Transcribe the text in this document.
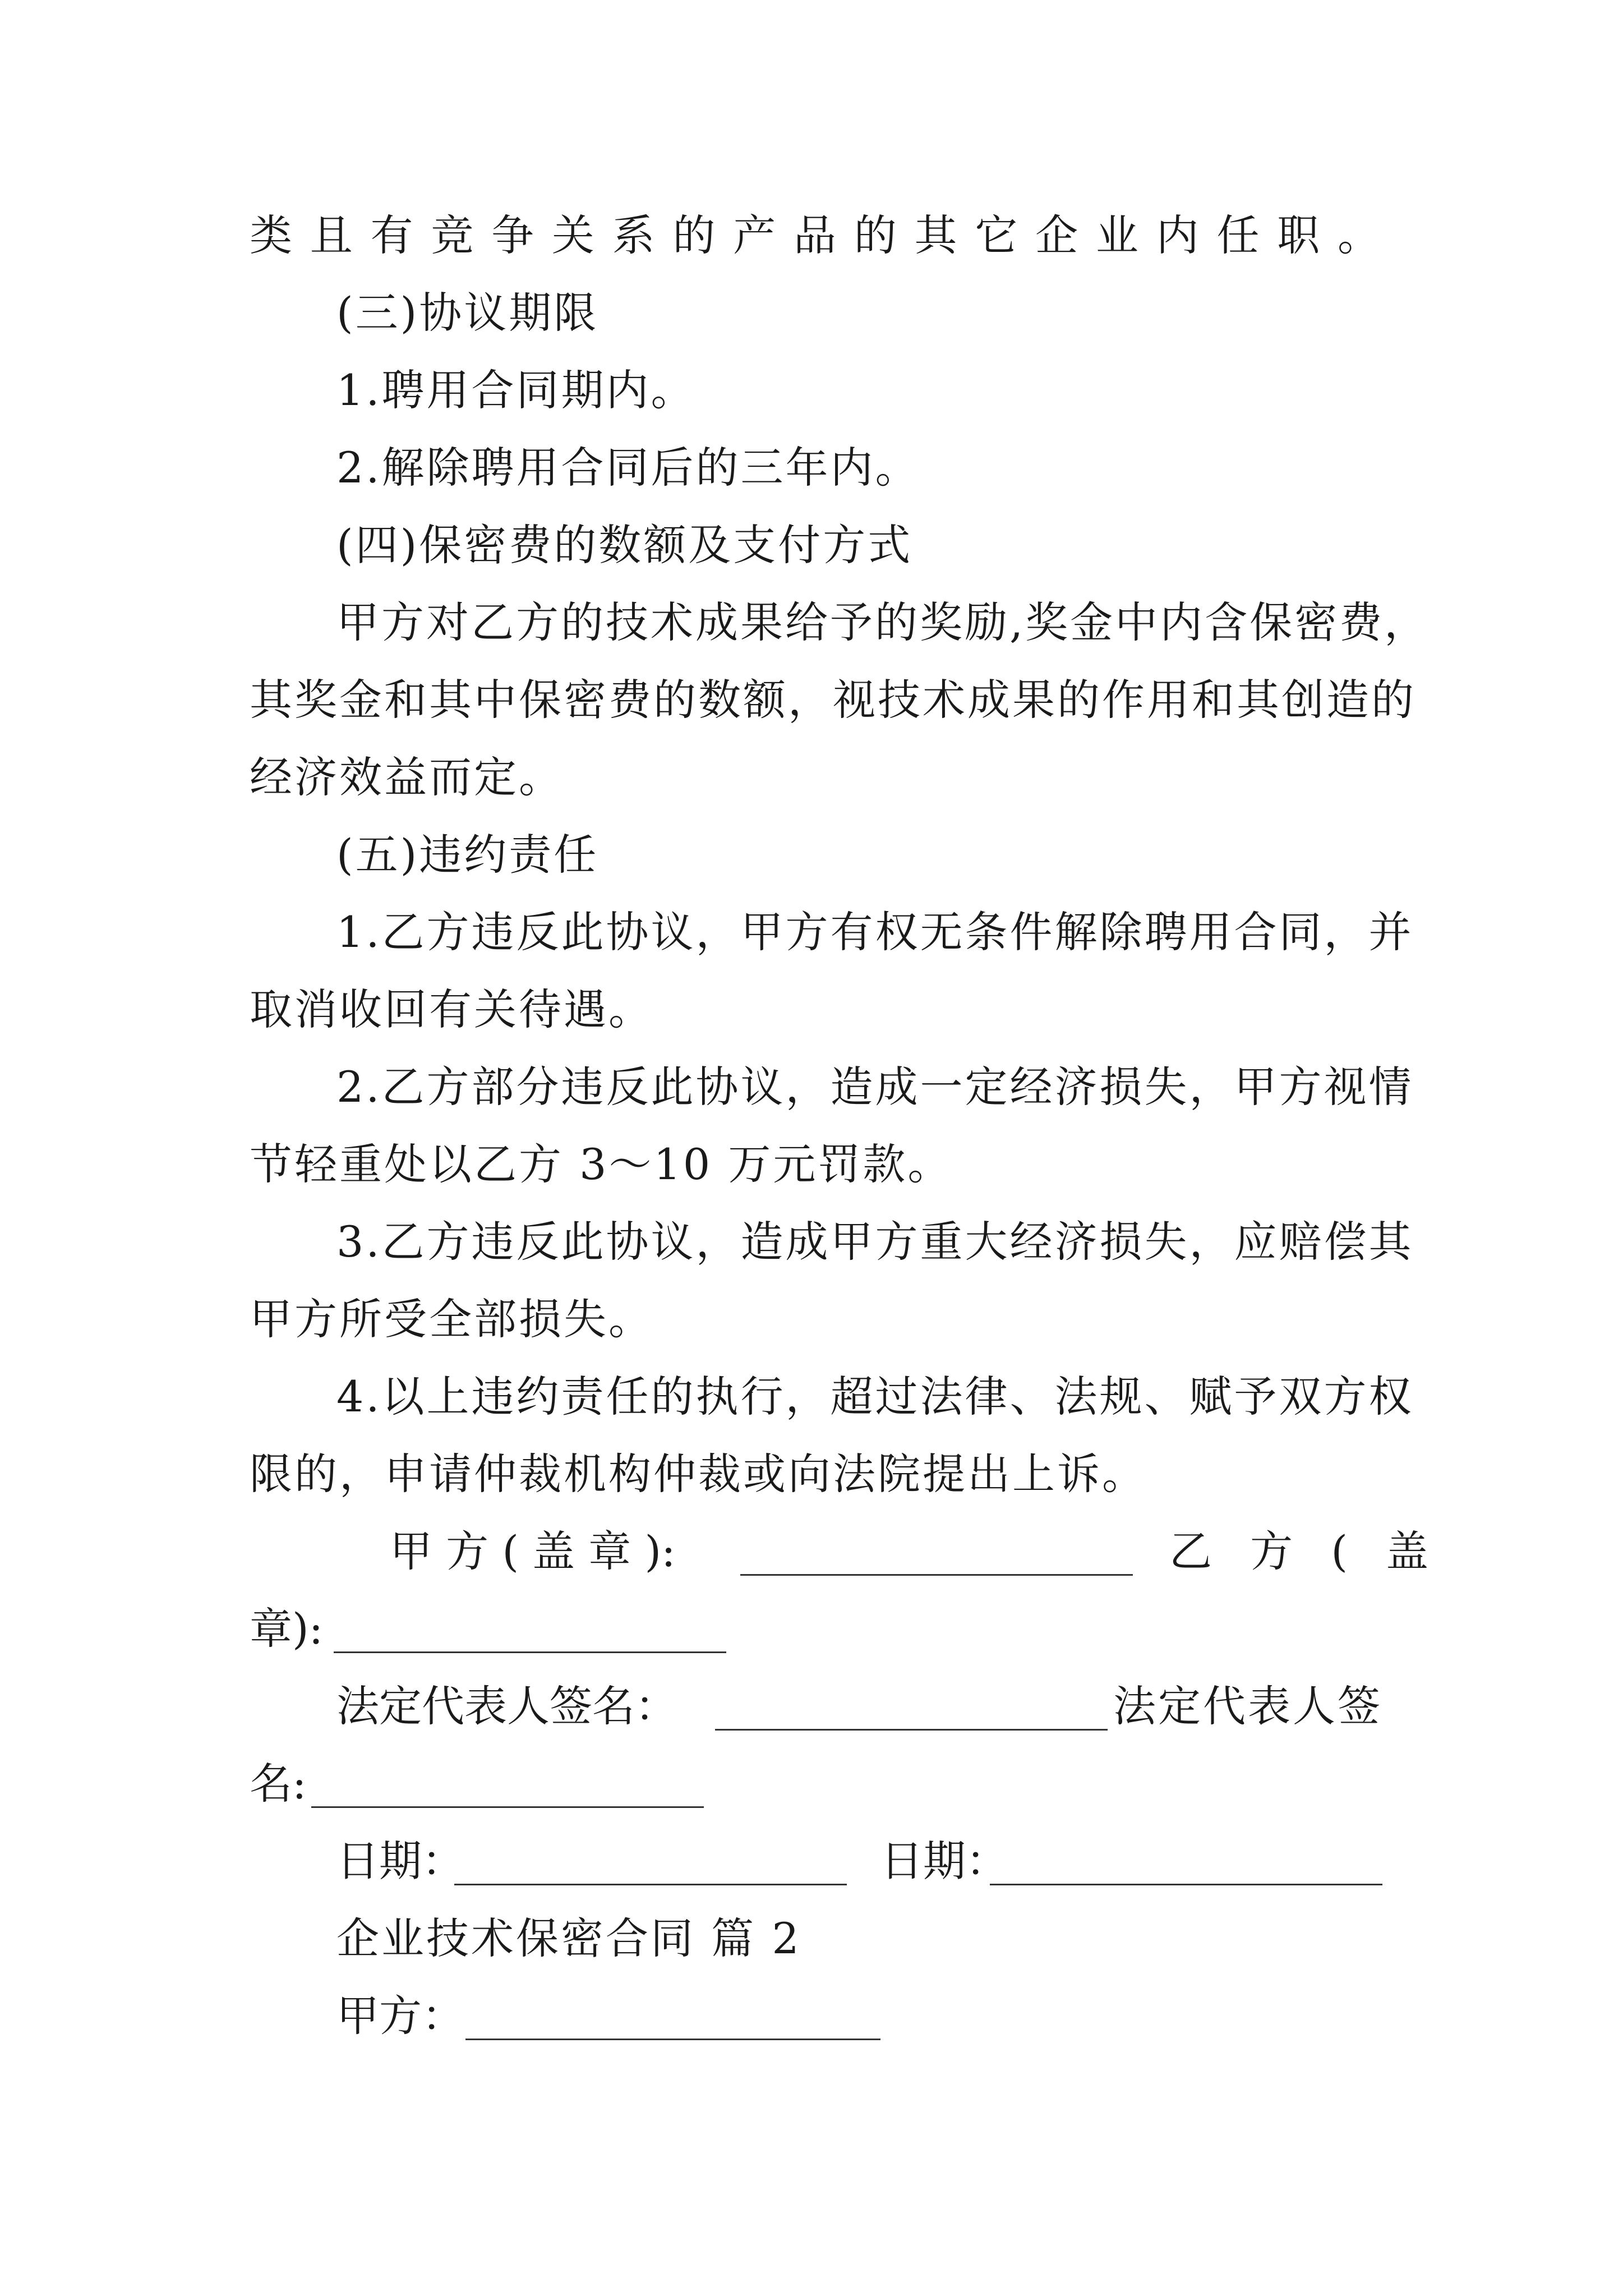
类且有竞争关系的产品的其它企业内任职。
(三)协议期限
1.聘用合同期内。
2.解除聘用合同后的三年内。
(四)保密费的数额及支付方式
甲方对乙方的技术成果给予的奖励,奖金中内含保密费，
其奖金和其中保密费的数额，视技术成果的作用和其创造的
经济效益而定。
(五)违约责任
1.乙方违反此协议，甲方有权无条件解除聘用合同，并
取消收回有关待遇。
2.乙方部分违反此协议，造成一定经济损失，甲方视情
节轻重处以乙方 3～10 万元罚款。
3.乙方违反此协议，造成甲方重大经济损失，应赔偿其
甲方所受全部损失。
4.以上违约责任的执行，超过法律、法规、赋予双方权
限的，申请仲裁机构仲裁或向法院提出上诉。
甲 方 ( 盖 章 ):	乙 方 ( 盖
章):
法定代表人签名：	法定代表人签
名:
日期：	日期：
企业技术保密合同 篇 2
甲方：
